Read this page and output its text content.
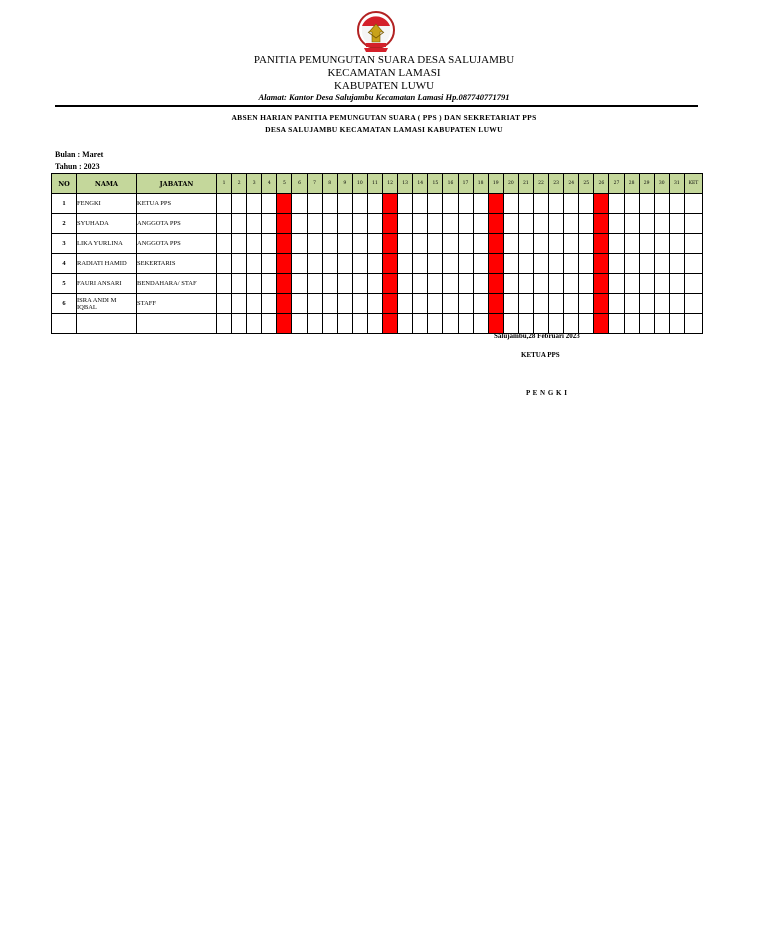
PANITIA PEMUNGUTAN SUARA DESA SALUJAMBU
KECAMATAN LAMASI
KABUPATEN LUWU
Alamat: Kantor Desa Salujambu Kecamatan Lamasi Hp.087740771791
ABSEN HARIAN PANITIA PEMUNGUTAN SUARA ( PPS ) DAN SEKRETARIAT PPS
DESA SALUJAMBU KECAMATAN LAMASI KABUPATEN LUWU
Bulan : Maret
Tahun : 2023
NO	NAMA	JABATAN	1	2	3	4	5	6	7	8	9	10	11	12	13	14	15	16	17	18	19	20	21	22	23	24	25	26	27	28	29	30	31	KET
1	FENGKI	KETUA PPS																																
2	SYUHADA	ANGGOTA PPS																																
3	LIKA YURLINA	ANGGOTA PPS																																
4	RADIATI HAMID	SEKERTARIS																																
5	FAURI ANSARI	BENDAHARA/ STAF																																
6	ISRA ANDI M IQBAL	STAFF																																

Salujambu,28 Februari 2023
KETUA PPS
P E N G K I
